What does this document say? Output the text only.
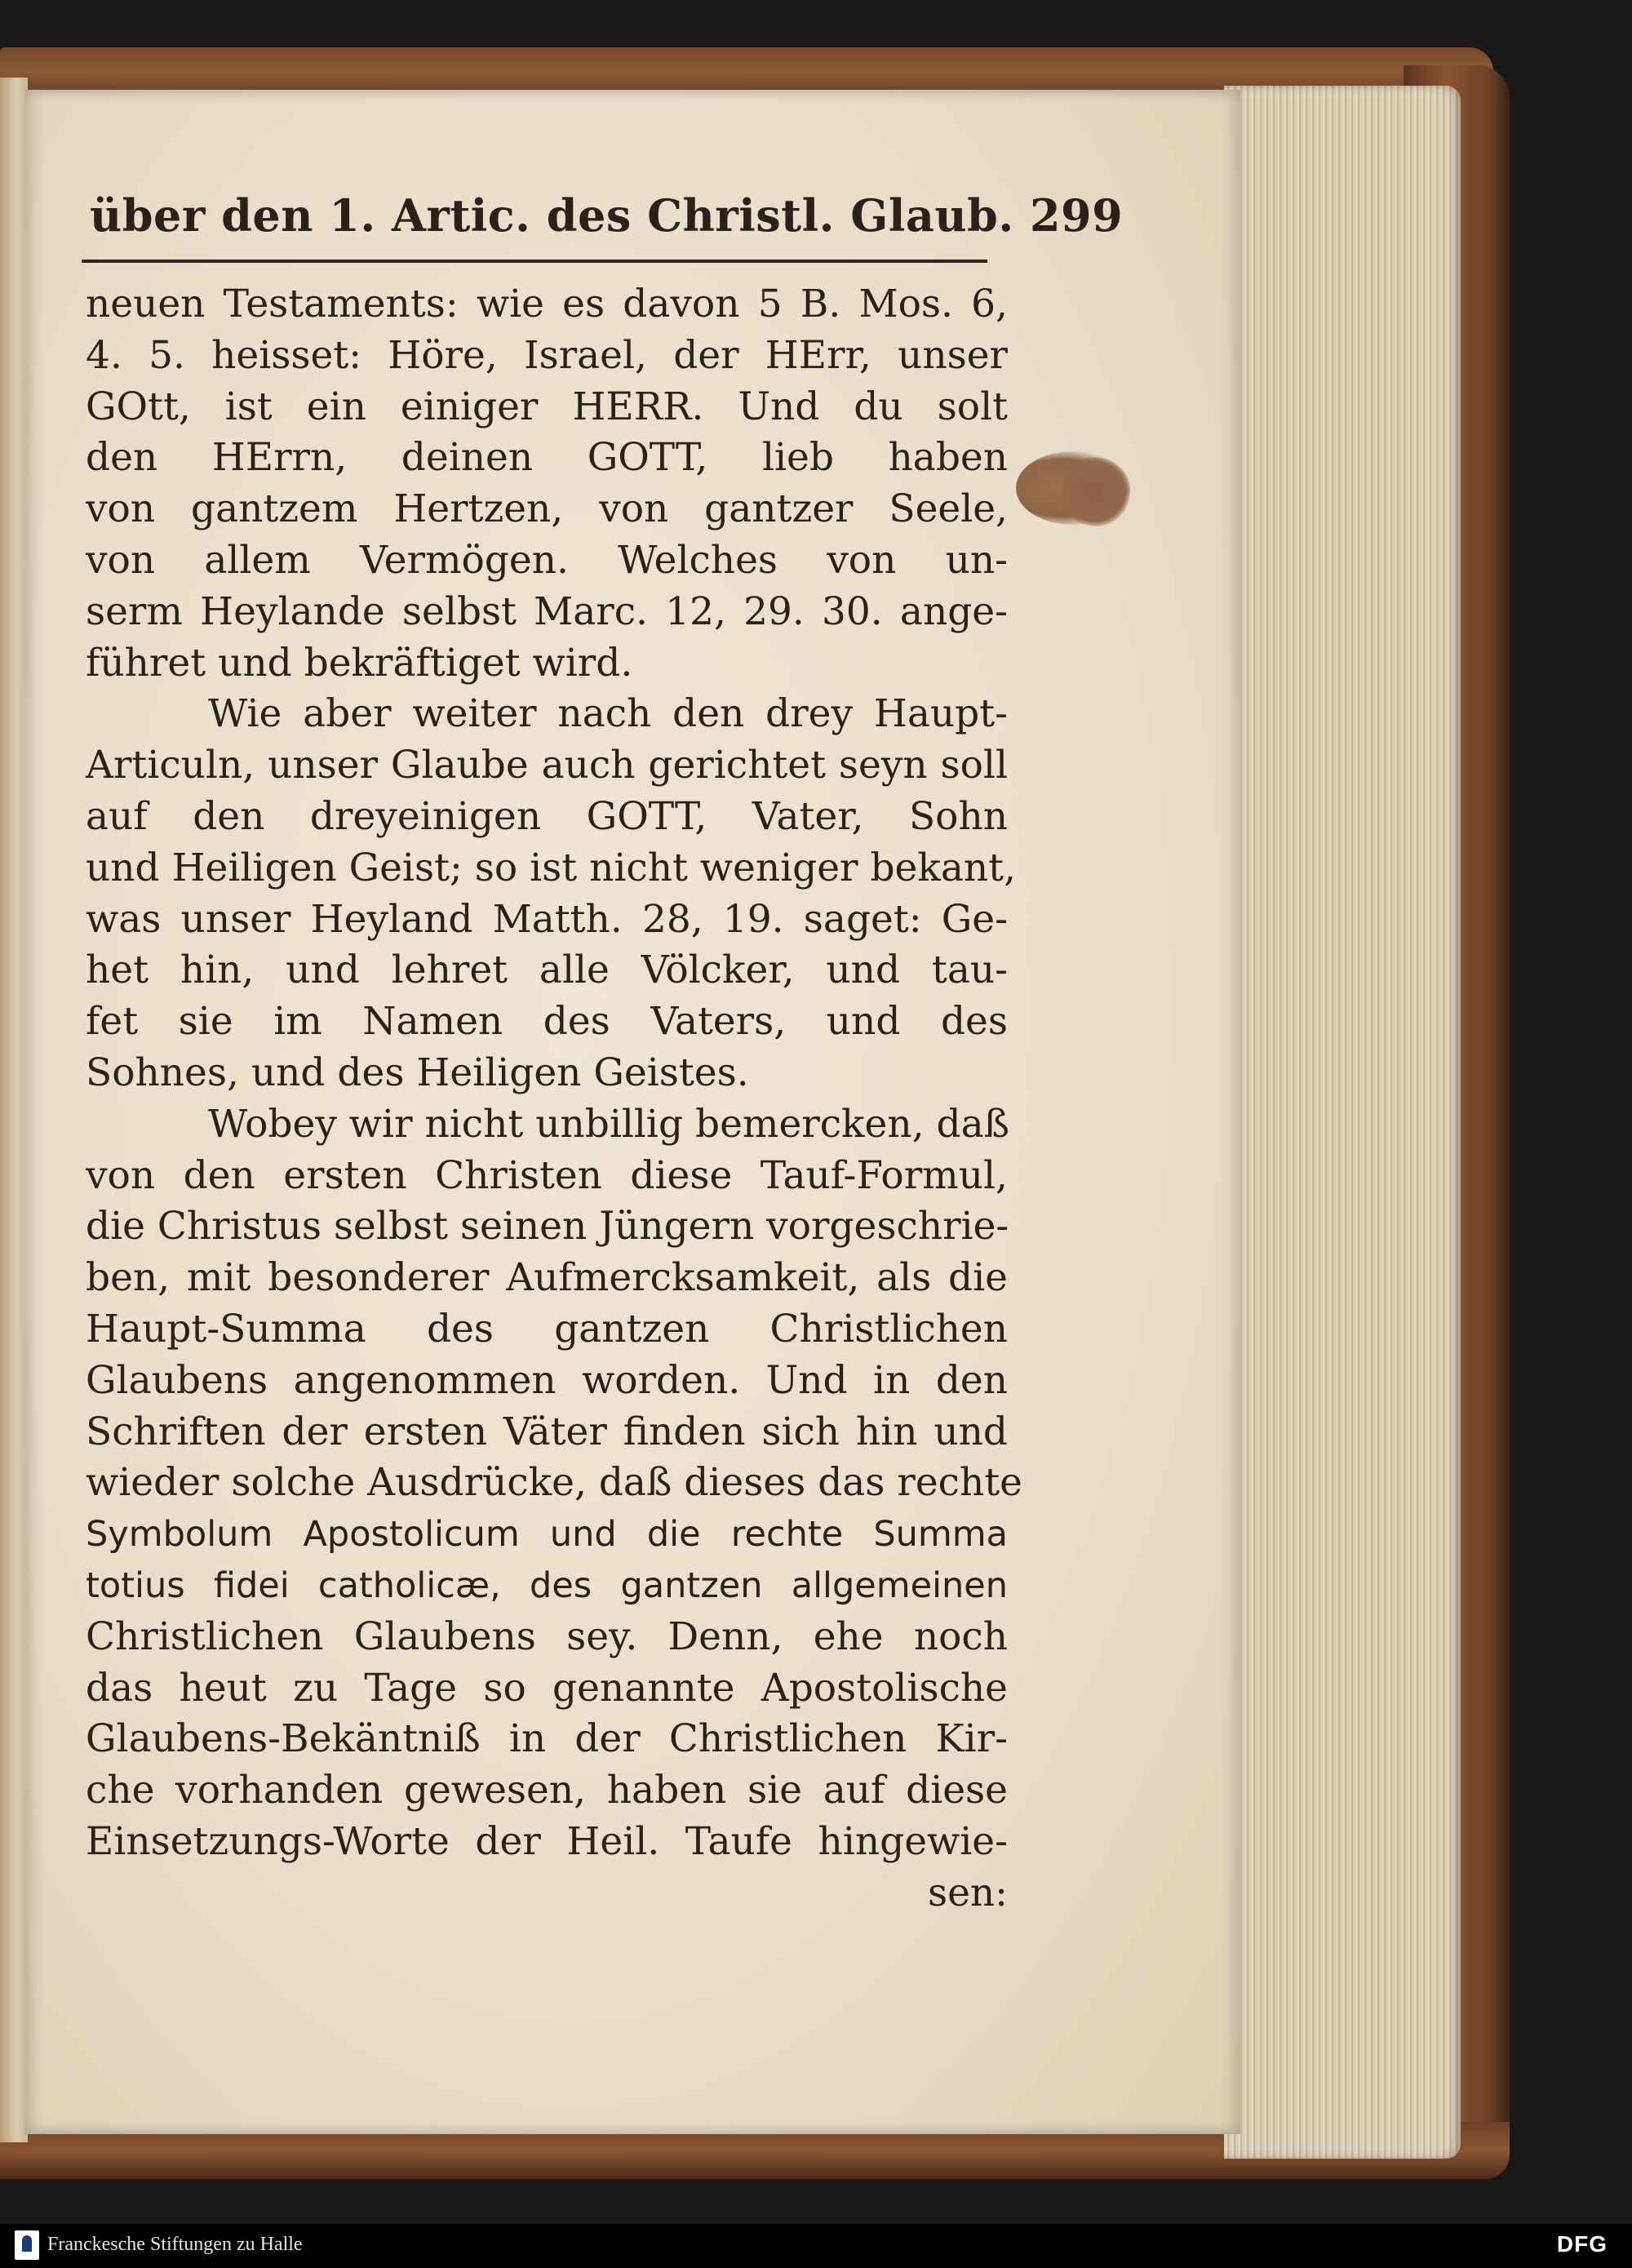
über den 1. Artic. des Christl. Glaub. 299
neuen Testaments: wie es davon 5 B. Mos. 6,
4. 5. heisset: Höre, Israel, der HErr, unser
GOtt, ist ein einiger HERR. Und du solt
den HErrn, deinen GOTT, lieb haben
von gantzem Hertzen, von gantzer Seele,
von allem Vermögen. Welches von un-
serm Heylande selbst Marc. 12, 29. 30. ange-
führet und bekräftiget wird.
Wie aber weiter nach den drey Haupt-
Articuln, unser Glaube auch gerichtet seyn soll
auf den dreyeinigen GOTT, Vater, Sohn
und Heiligen Geist; so ist nicht weniger bekant,
was unser Heyland Matth. 28, 19. saget: Ge-
het hin, und lehret alle Völcker, und tau-
fet sie im Namen des Vaters, und des
Sohnes, und des Heiligen Geistes.
Wobey wir nicht unbillig bemercken, daß
von den ersten Christen diese Tauf-Formul,
die Christus selbst seinen Jüngern vorgeschrie-
ben, mit besonderer Aufmercksamkeit, als die
Haupt-Summa des gantzen Christlichen
Glaubens angenommen worden. Und in den
Schriften der ersten Väter finden sich hin und
wieder solche Ausdrücke, daß dieses das rechte
Symbolum Apostolicum und die rechte Summa
totius fidei catholicæ, des gantzen allgemeinen
Christlichen Glaubens sey. Denn, ehe noch
das heut zu Tage so genannte Apostolische
Glaubens-Bekäntniß in der Christlichen Kir-
che vorhanden gewesen, haben sie auf diese
Einsetzungs-Worte der Heil. Taufe hingewie-
sen:
Franckesche Stiftungen zu Halle	DFG
